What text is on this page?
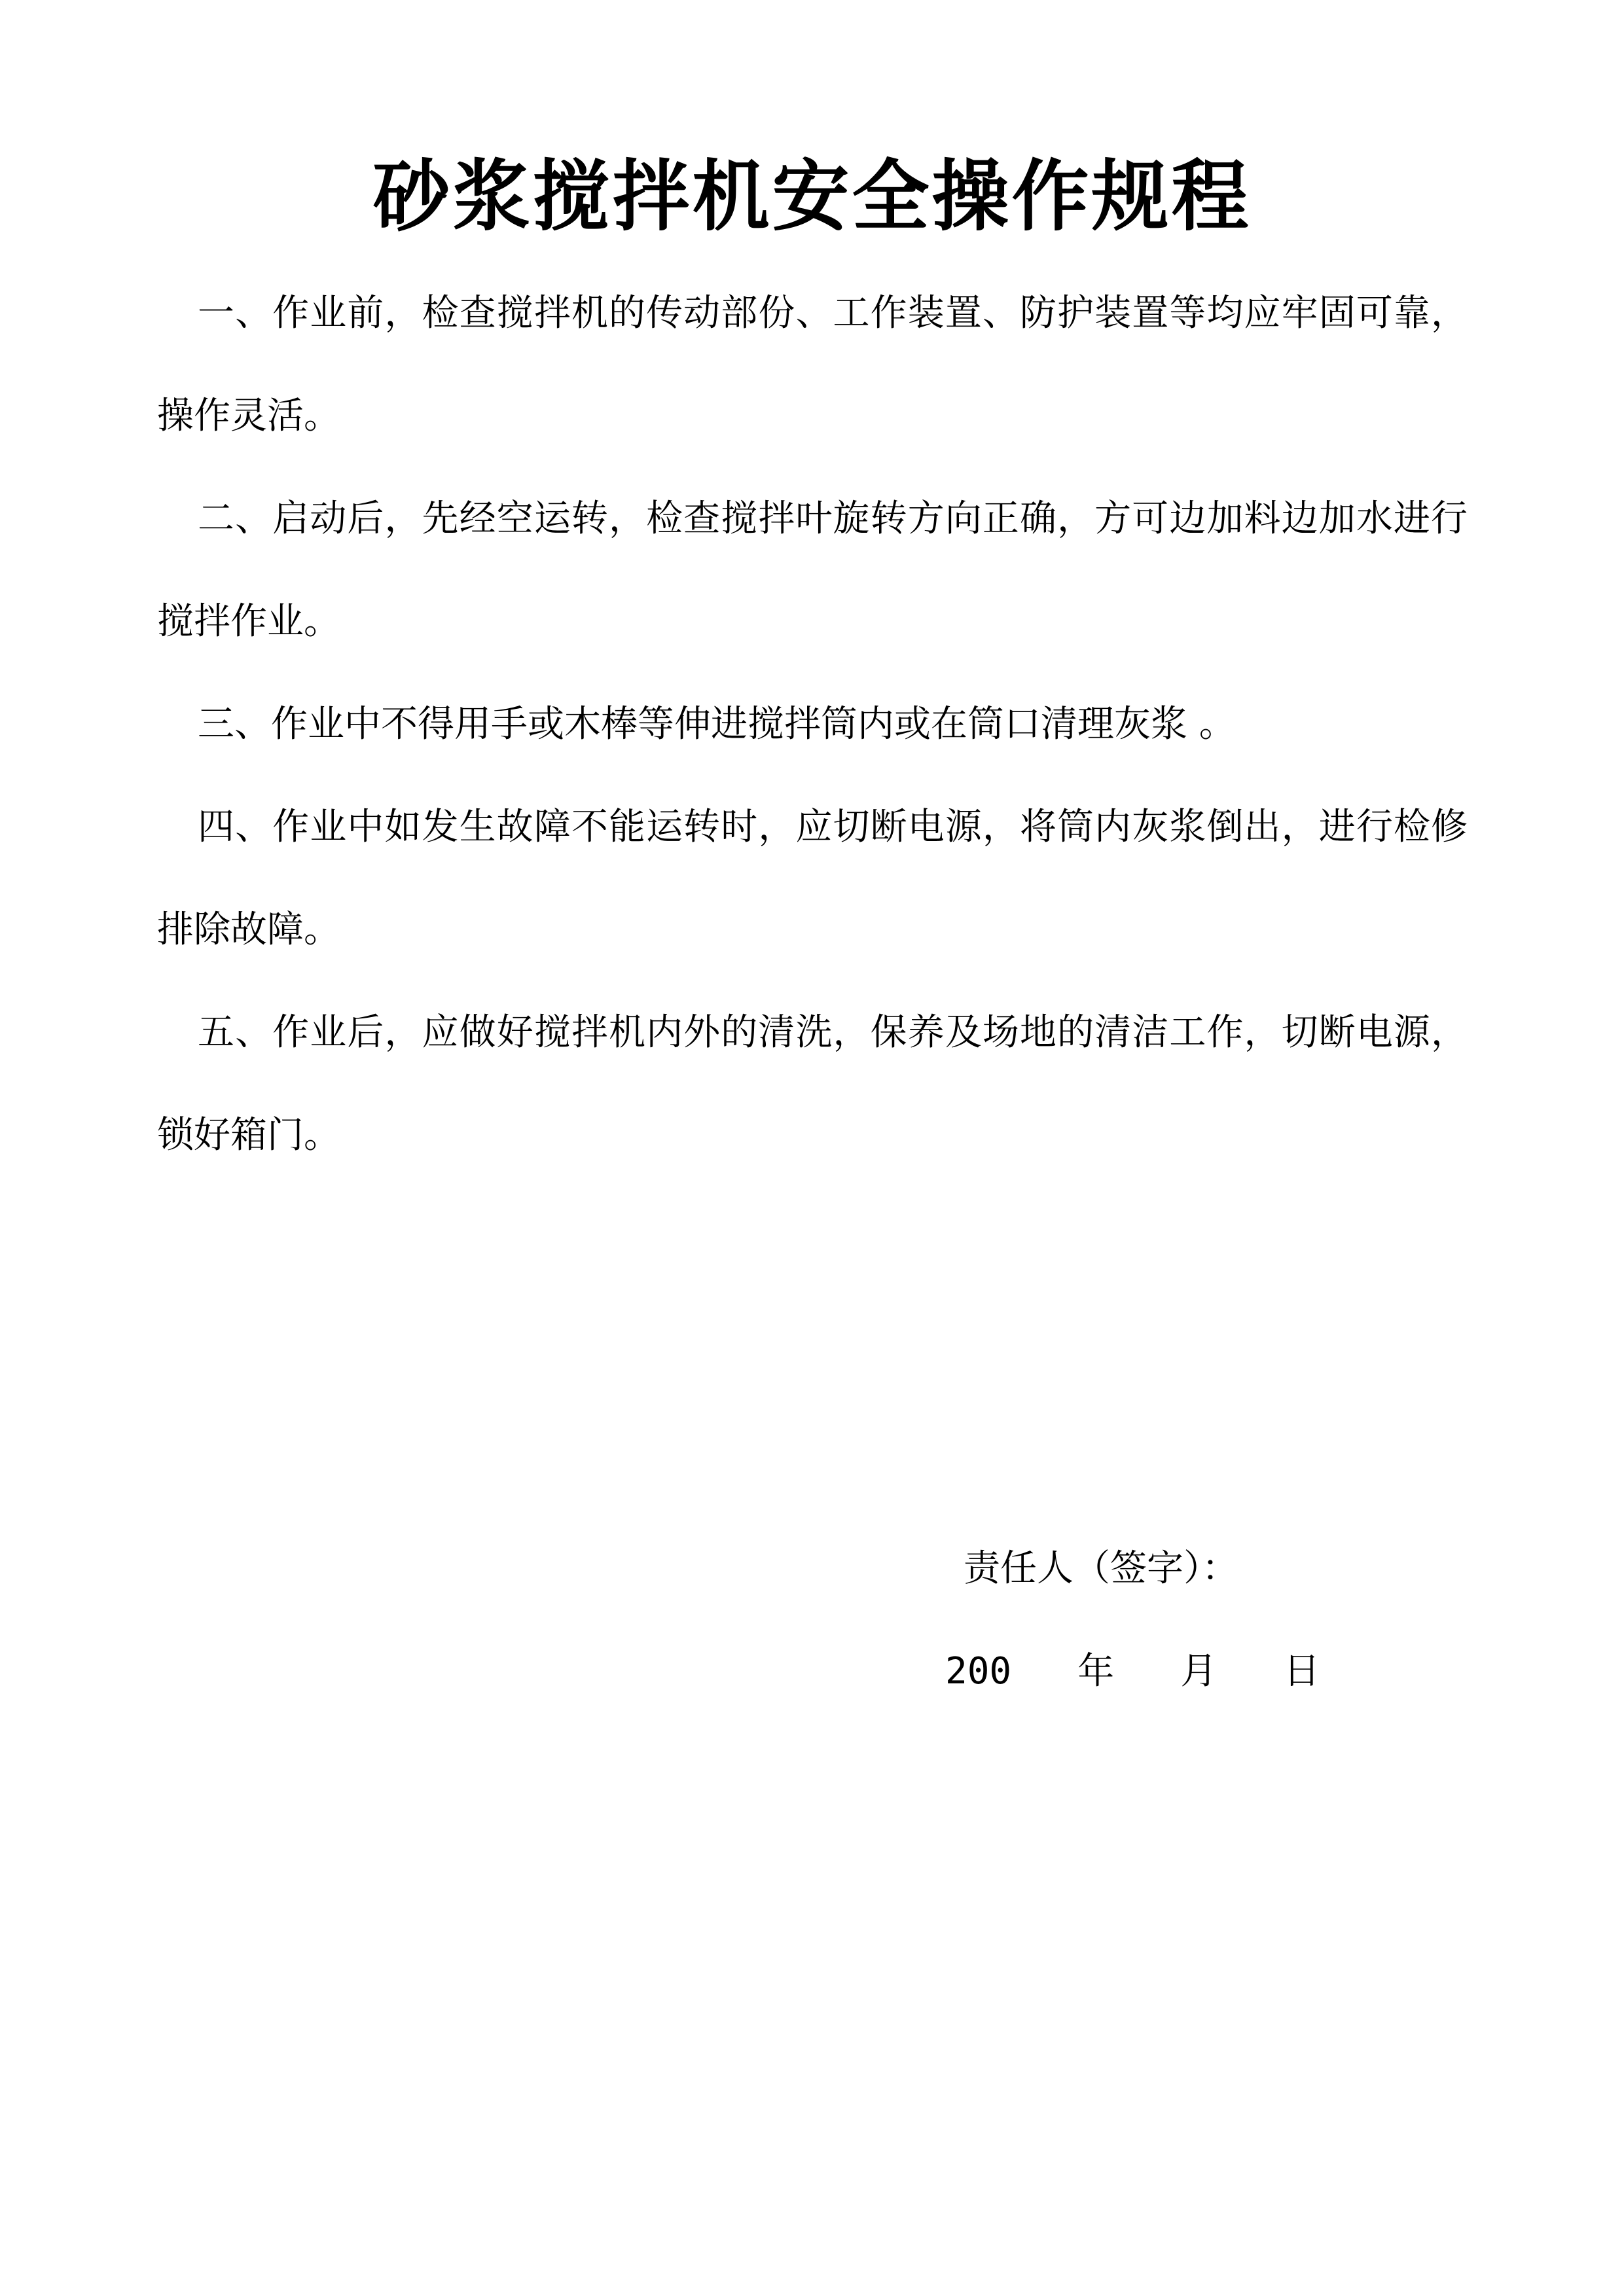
砂浆搅拌机安全操作规程

一、作业前，检查搅拌机的传动部份、工作装置、防护装置等均应牢固可靠，操作灵活。

二、启动后，先经空运转，检查搅拌叶旋转方向正确，方可边加料边加水进行搅拌作业。

三、作业中不得用手或木棒等伸进搅拌筒内或在筒口清理灰浆 。

四、作业中如发生故障不能运转时，应切断电源，将筒内灰浆倒出，进行检修排除故障。

五、作业后，应做好搅拌机内外的清洗，保养及场地的清洁工作，切断电源，锁好箱门。

责任人（签字）：
200   年   月   日
